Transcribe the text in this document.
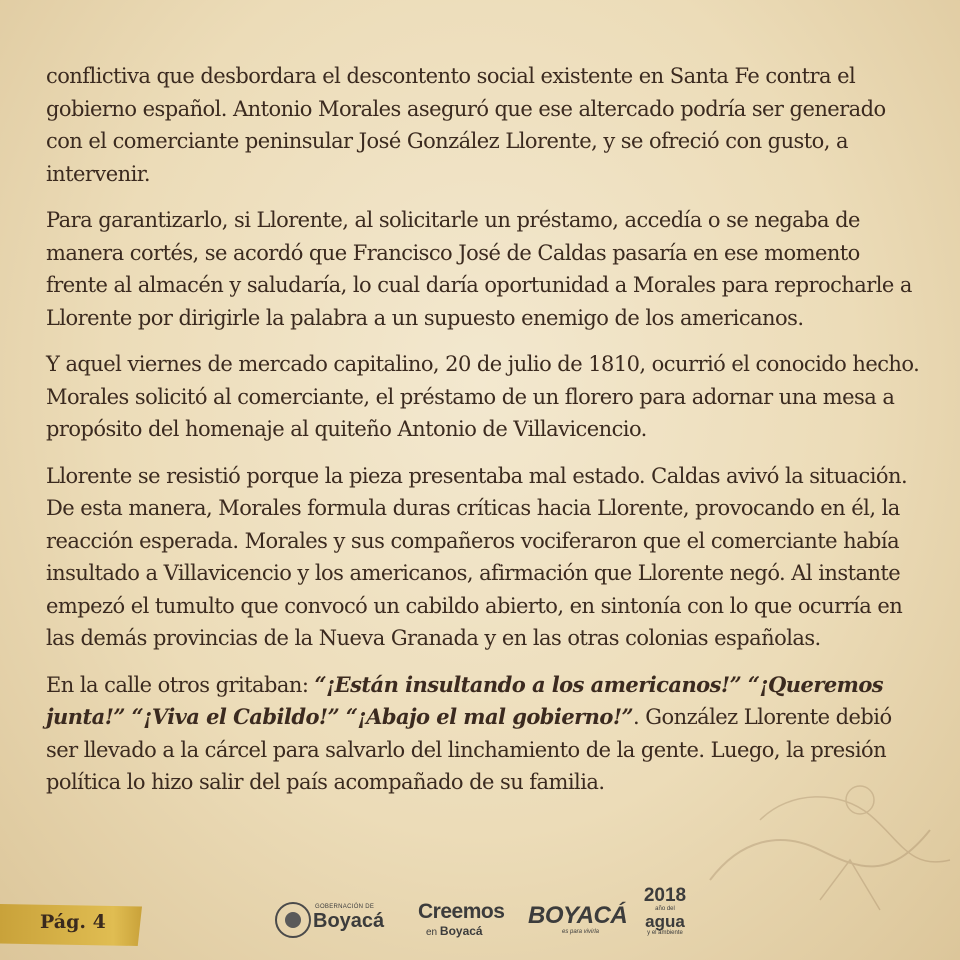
conflictiva que desbordara el descontento social existente en Santa Fe contra el gobierno español. Antonio Morales aseguró que ese altercado podría ser generado con el comerciante peninsular José González Llorente, y se ofreció con gusto, a intervenir.

Para garantizarlo, si Llorente, al solicitarle un préstamo, accedía o se negaba de manera cortés, se acordó que Francisco José de Caldas pasaría en ese momento frente al almacén y saludaría, lo cual daría oportunidad a Morales para reprocharle a Llorente por dirigirle la palabra a un supuesto enemigo de los americanos.

Y aquel viernes de mercado capitalino, 20 de julio de 1810, ocurrió el conocido hecho. Morales solicitó al comerciante, el préstamo de un florero para adornar una mesa a propósito del homenaje al quiteño Antonio de Villavicencio.

Llorente se resistió porque la pieza presentaba mal estado. Caldas avivó la situación. De esta manera, Morales formula duras críticas hacia Llorente, provocando en él, la reacción esperada. Morales y sus compañeros vociferaron que el comerciante había insultado a Villavicencio y los americanos, afirmación que Llorente negó. Al instante empezó el tumulto que convocó un cabildo abierto, en sintonía con lo que ocurría en las demás provincias de la Nueva Granada y en las otras colonias españolas.

En la calle otros gritaban: “¡Están insultando a los americanos!” “¡Queremos junta!” “¡Viva el Cabildo!” “¡Abajo el mal gobierno!”. González Llorente debió ser llevado a la cárcel para salvarlo del linchamiento de la gente. Luego, la presión política lo hizo salir del país acompañado de su familia.

Pág. 4
GOBERNACIÓN DE
Boyacá Creemos
en Boyacá
BOYACÁ
es para vivirla
2018
año del
agua
y el ambiente
